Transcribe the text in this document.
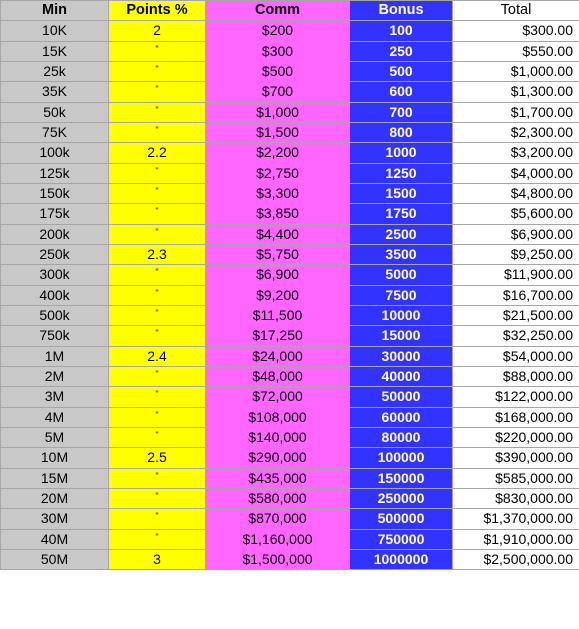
Min	Points %	Comm	Bonus	Total
10K	2	$200	100	$300.00
15K	"	$300	250	$550.00
25k	"	$500	500	$1,000.00
35K	"	$700	600	$1,300.00
50k	"	$1,000	700	$1,700.00
75K	"	$1,500	800	$2,300.00
100k	2.2	$2,200	1000	$3,200.00
125k	"	$2,750	1250	$4,000.00
150k	"	$3,300	1500	$4,800.00
175k	"	$3,850	1750	$5,600.00
200k	"	$4,400	2500	$6,900.00
250k	2.3	$5,750	3500	$9,250.00
300k	"	$6,900	5000	$11,900.00
400k	"	$9,200	7500	$16,700.00
500k	"	$11,500	10000	$21,500.00
750k	"	$17,250	15000	$32,250.00
1M	2.4	$24,000	30000	$54,000.00
2M	"	$48,000	40000	$88,000.00
3M	"	$72,000	50000	$122,000.00
4M	"	$108,000	60000	$168,000.00
5M	"	$140,000	80000	$220,000.00
10M	2.5	$290,000	100000	$390,000.00
15M	"	$435,000	150000	$585,000.00
20M	"	$580,000	250000	$830,000.00
30M	"	$870,000	500000	$1,370,000.00
40M	"	$1,160,000	750000	$1,910,000.00
50M	3	$1,500,000	1000000	$2,500,000.00
